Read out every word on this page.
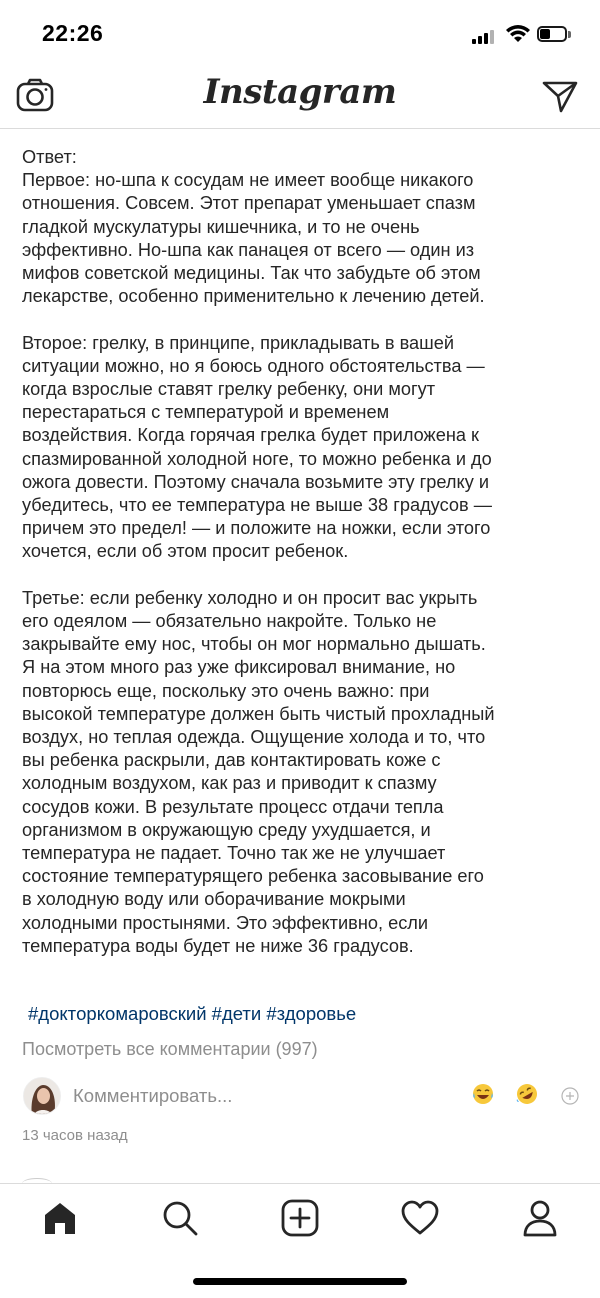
22:26
Instagram

Ответ:
Первое: но-шпа к сосудам не имеет вообще никакого
отношения. Совсем. Этот препарат уменьшает спазм
гладкой мускулатуры кишечника, и то не очень
эффективно. Но-шпа как панацея от всего — один из
мифов советской медицины. Так что забудьте об этом
лекарстве, особенно применительно к лечению детей.

Второе: грелку, в принципе, прикладывать в вашей
ситуации можно, но я боюсь одного обстоятельства —
когда взрослые ставят грелку ребенку, они могут
перестараться с температурой и временем
воздействия. Когда горячая грелка будет приложена к
спазмированной холодной ноге, то можно ребенка и до
ожога довести. Поэтому сначала возьмите эту грелку и
убедитесь, что ее температура не выше 38 градусов —
причем это предел! — и положите на ножки, если этого
хочется, если об этом просит ребенок.

Третье: если ребенку холодно и он просит вас укрыть
его одеялом — обязательно накройте. Только не
закрывайте ему нос, чтобы он мог нормально дышать.
Я на этом много раз уже фиксировал внимание, но
повторюсь еще, поскольку это очень важно: при
высокой температуре должен быть чистый прохладный
воздух, но теплая одежда. Ощущение холода и то, что
вы ребенка раскрыли, дав контактировать коже с
холодным воздухом, как раз и приводит к спазму
сосудов кожи. В результате процесс отдачи тепла
организмом в окружающую среду ухудшается, и
температура не падает. Точно так же не улучшает
состояние температурящего ребенка засовывание его
в холодную воду или оборачивание мокрыми
холодными простынями. Это эффективно, если
температура воды будет не ниже 36 градусов.

#доктoркомаровский #дети #здоровье
Посмотреть все комментарии (997)
Комментировать...
13 часов назад
